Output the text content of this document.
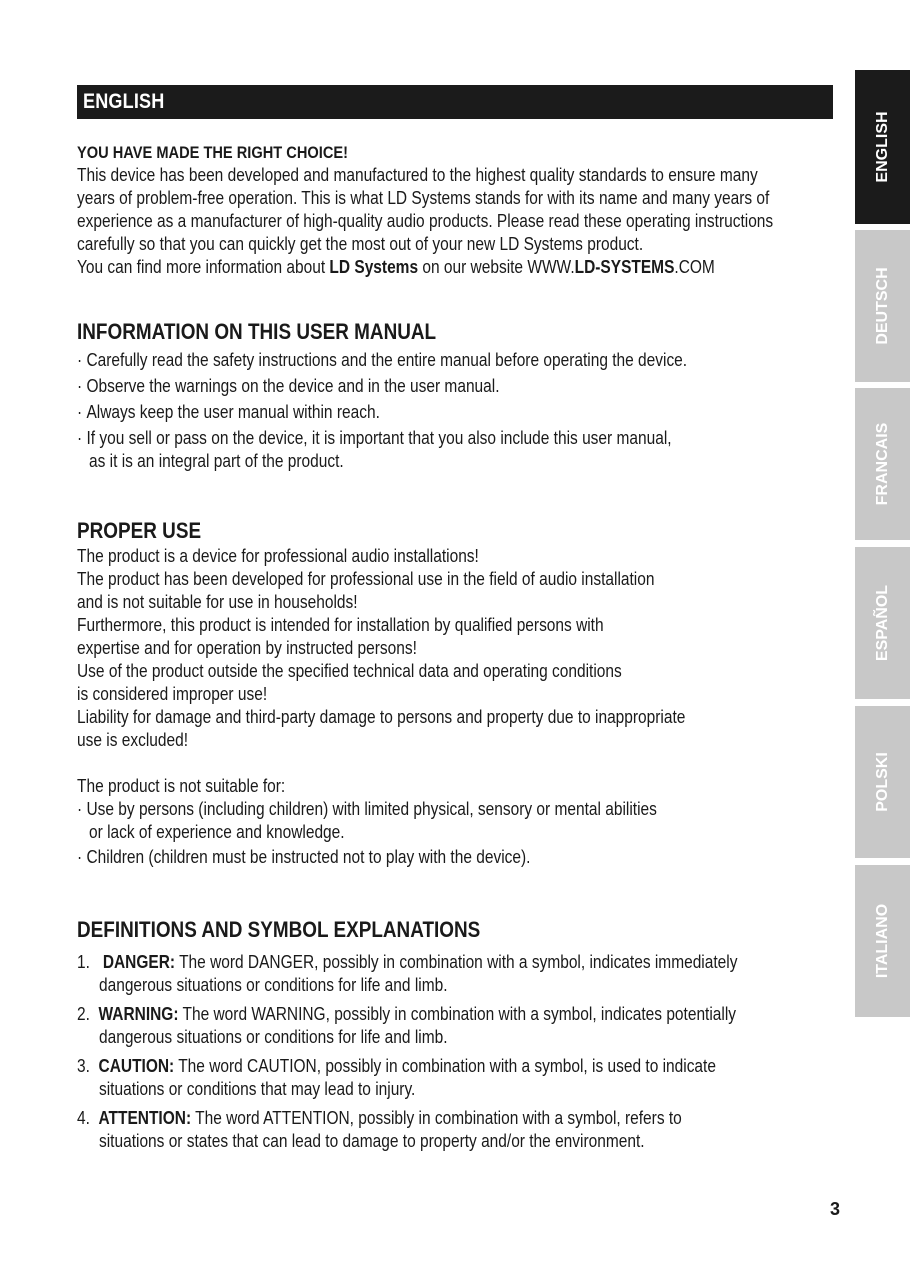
ENGLISH
YOU HAVE MADE THE RIGHT CHOICE!
This device has been developed and manufactured to the highest quality standards to ensure many
years of problem-free operation. This is what LD Systems stands for with its name and many years of
experience as a manufacturer of high-quality audio products. Please read these operating instructions
carefully so that you can quickly get the most out of your new LD Systems product.
You can find more information about LD Systems on our website WWW.LD-SYSTEMS.COM
INFORMATION ON THIS USER MANUAL
· Carefully read the safety instructions and the entire manual before operating the device.
· Observe the warnings on the device and in the user manual.
· Always keep the user manual within reach.
· If you sell or pass on the device, it is important that you also include this user manual,
as it is an integral part of the product.
PROPER USE
The product is a device for professional audio installations!
The product has been developed for professional use in the field of audio installation
and is not suitable for use in households!
Furthermore, this product is intended for installation by qualified persons with
expertise and for operation by instructed persons!
Use of the product outside the specified technical data and operating conditions
is considered improper use!
Liability for damage and third-party damage to persons and property due to inappropriate
use is excluded!
The product is not suitable for:
· Use by persons (including children) with limited physical, sensory or mental abilities
or lack of experience and knowledge.
· Children (children must be instructed not to play with the device).
DEFINITIONS AND SYMBOL EXPLANATIONS
1. DANGER: The word DANGER, possibly in combination with a symbol, indicates immediately
dangerous situations or conditions for life and limb.
2. WARNING: The word WARNING, possibly in combination with a symbol, indicates potentially
dangerous situations or conditions for life and limb.
3. CAUTION: The word CAUTION, possibly in combination with a symbol, is used to indicate
situations or conditions that may lead to injury.
4. ATTENTION: The word ATTENTION, possibly in combination with a symbol, refers to
situations or states that can lead to damage to property and/or the environment.
ENGLISH
DEUTSCH
FRANCAIS
ESPAÑOL
POLSKI
ITALIANO
3
